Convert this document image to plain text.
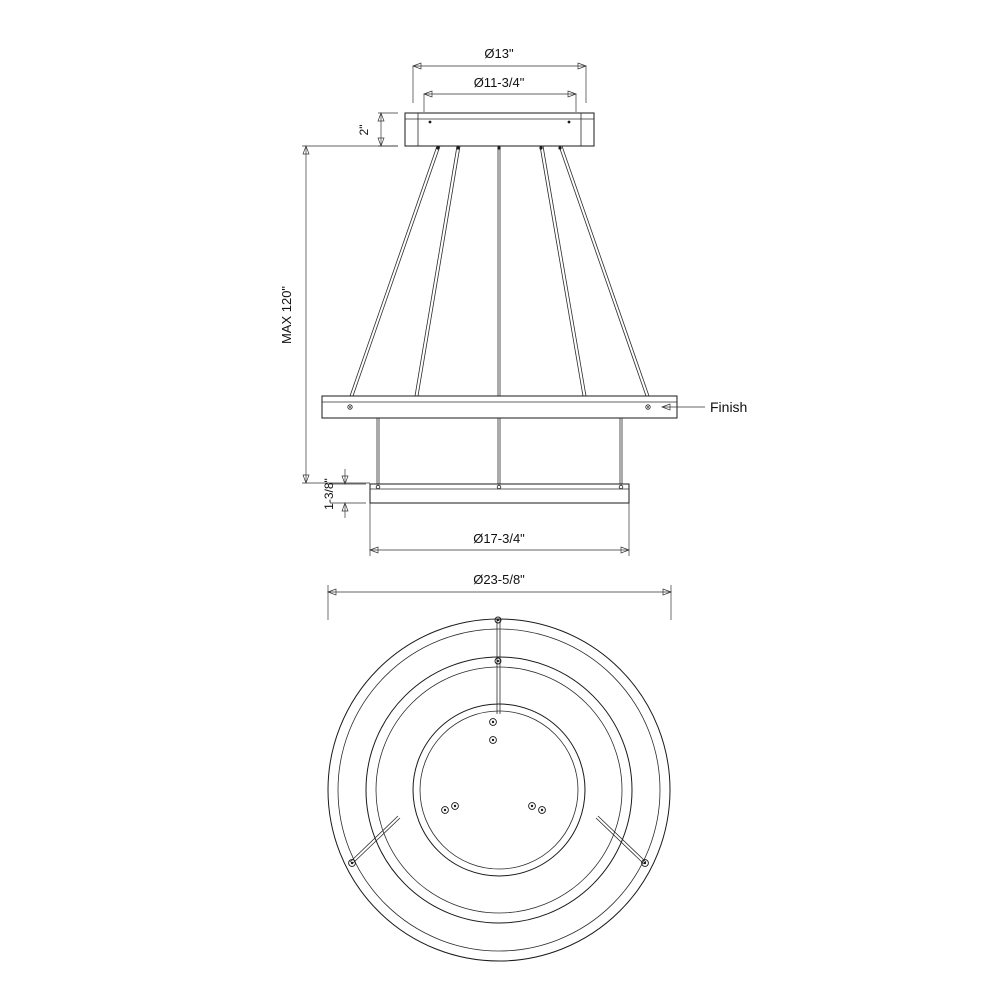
Ø13"
Ø11-3/4"
2"
MAX 120"
Finish
1-3/8"
Ø17-3/4"
Ø23-5/8"
